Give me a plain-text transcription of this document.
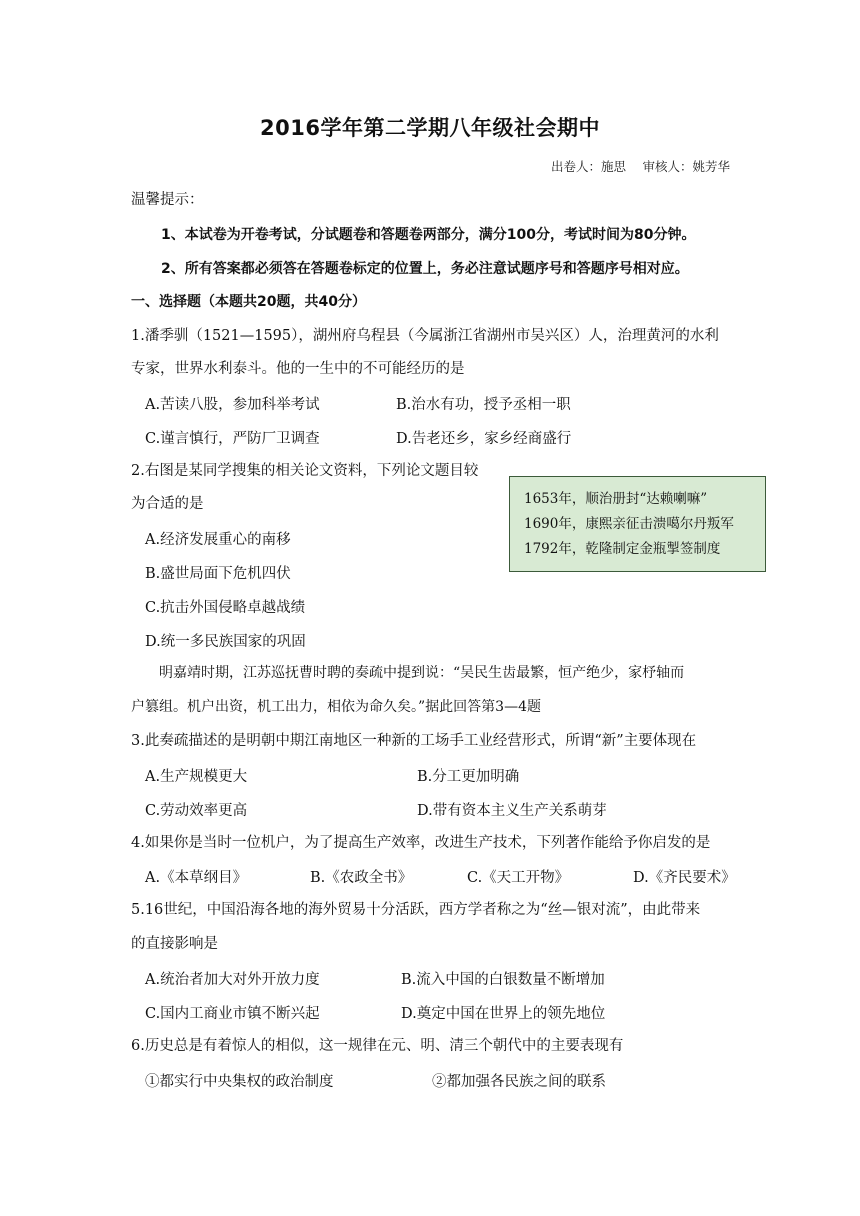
2016学年第二学期八年级社会期中
出卷人：施思　 审核人：姚芳华
温馨提示：
1、本试卷为开卷考试，分试题卷和答题卷两部分，满分100分，考试时间为80分钟。
2、所有答案都必须答在答题卷标定的位置上，务必注意试题序号和答题序号相对应。
一、选择题（本题共20题，共40分）
1.潘季驯（1521—1595），湖州府乌程县（今属浙江省湖州市吴兴区）人，治理黄河的水利
专家，世界水利泰斗。他的一生中的不可能经历的是
A.苦读八股，参加科举考试	B.治水有功，授予丞相一职
C.谨言慎行，严防厂卫调查	D.告老还乡，家乡经商盛行
2.右图是某同学搜集的相关论文资料，下列论文题目较
为合适的是
A.经济发展重心的南移
B.盛世局面下危机四伏
C.抗击外国侵略卓越战绩
D.统一多民族国家的巩固
1653年，顺治册封“达赖喇嘛”
1690年，康熙亲征击溃噶尔丹叛军
1792年，乾隆制定金瓶掣签制度
明嘉靖时期，江苏巡抚曹时聘的奏疏中提到说：“吴民生齿最繁，恒产绝少，家杼轴而
户篡组。机户出资，机工出力，相依为命久矣。”据此回答第3—4题
3.此奏疏描述的是明朝中期江南地区一种新的工场手工业经营形式，所谓“新”主要体现在
A.生产规模更大	B.分工更加明确
C.劳动效率更高	D.带有资本主义生产关系萌芽
4.如果你是当时一位机户，为了提高生产效率，改进生产技术，下列著作能给予你启发的是
A.《本草纲目》	B.《农政全书》	C.《天工开物》	D.《齐民要术》
5.16世纪，中国沿海各地的海外贸易十分活跃，西方学者称之为“丝—银对流”，由此带来
的直接影响是
A.统治者加大对外开放力度	B.流入中国的白银数量不断增加
C.国内工商业市镇不断兴起	D.奠定中国在世界上的领先地位
6.历史总是有着惊人的相似，这一规律在元、明、清三个朝代中的主要表现有
①都实行中央集权的政治制度	②都加强各民族之间的联系
